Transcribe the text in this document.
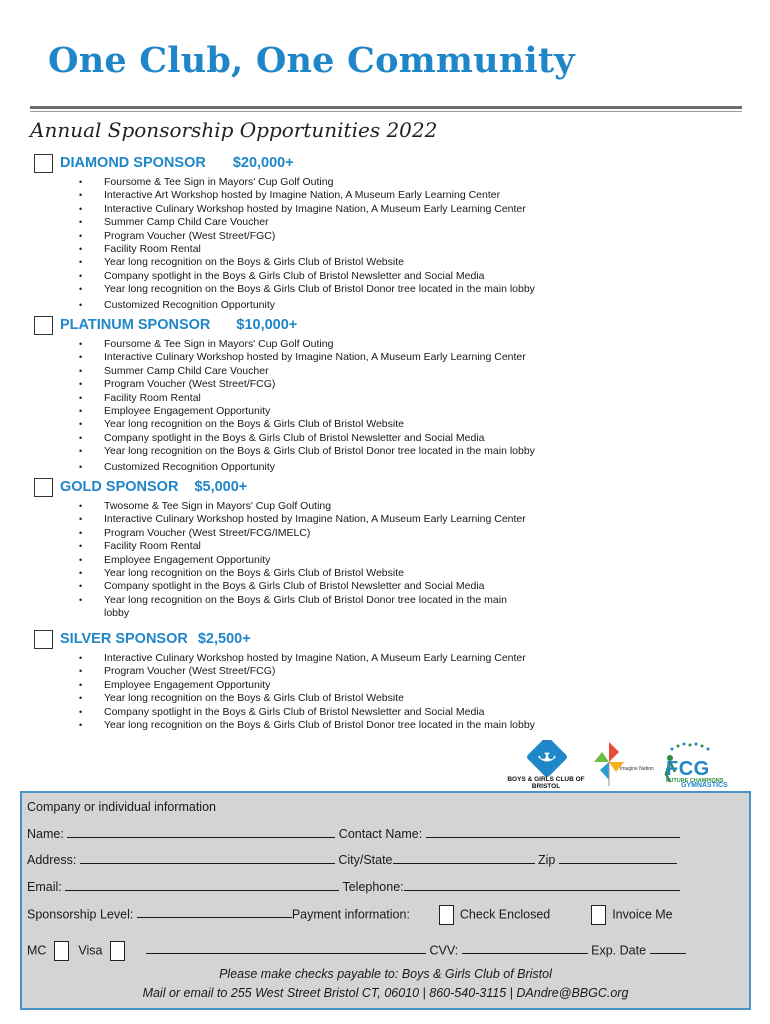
One Club, One Community
Annual Sponsorship Opportunities 2022
DIAMOND SPONSOR $20,000+
• Foursome & Tee Sign in Mayors' Cup Golf Outing
• Interactive Art Workshop hosted by Imagine Nation, A Museum Early Learning Center
• Interactive Culinary Workshop hosted by Imagine Nation, A Museum Early Learning Center
• Summer Camp Child Care Voucher
• Program Voucher (West Street/FGC)
• Facility Room Rental
• Year long recognition on the Boys & Girls Club of Bristol Website
• Company spotlight in the Boys & Girls Club of Bristol Newsletter and Social Media
• Year long recognition on the Boys & Girls Club of Bristol Donor tree located in the main lobby
• Customized Recognition Opportunity
PLATINUM SPONSOR $10,000+
• Foursome & Tee Sign in Mayors' Cup Golf Outing
• Interactive Culinary Workshop hosted by Imagine Nation, A Museum Early Learning Center
• Summer Camp Child Care Voucher
• Program Voucher (West Street/FCG)
• Facility Room Rental
• Employee Engagement Opportunity
• Year long recognition on the Boys & Girls Club of Bristol Website
• Company spotlight in the Boys & Girls Club of Bristol Newsletter and Social Media
• Year long recognition on the Boys & Girls Club of Bristol Donor tree located in the main lobby
• Customized Recognition Opportunity
GOLD SPONSOR $5,000+
• Twosome & Tee Sign in Mayors' Cup Golf Outing
• Interactive Culinary Workshop hosted by Imagine Nation, A Museum Early Learning Center
• Program Voucher (West Street/FCG/IMELC)
• Facility Room Rental
• Employee Engagement Opportunity
• Year long recognition on the Boys & Girls Club of Bristol Website
• Company spotlight in the Boys & Girls Club of Bristol Newsletter and Social Media
• Year long recognition on the Boys & Girls Club of Bristol Donor tree located in the main
lobby
SILVER SPONSOR $2,500+
• Interactive Culinary Workshop hosted by Imagine Nation, A Museum Early Learning Center
• Program Voucher (West Street/FCG)
• Employee Engagement Opportunity
• Year long recognition on the Boys & Girls Club of Bristol Website
• Company spotlight in the Boys & Girls Club of Bristol Newsletter and Social Media
• Year long recognition on the Boys & Girls Club of Bristol Donor tree located in the main lobby
BOYS & GIRLS CLUB OF BRISTOL
Imagine Nation FCG
FUTURE CHAMPIONS
GYMNASTICS
Company or individual information
Name:	Contact Name:
Address:	City/State	Zip
Email:	Telephone:
Sponsorship Level:	Payment information:	Check Enclosed	Invoice Me
MC	Visa	CVV:	Exp. Date
Please make checks payable to: Boys & Girls Club of Bristol
Mail or email to 255 West Street Bristol CT, 06010 | 860-540-3115 | DAndre@BBGC.org
